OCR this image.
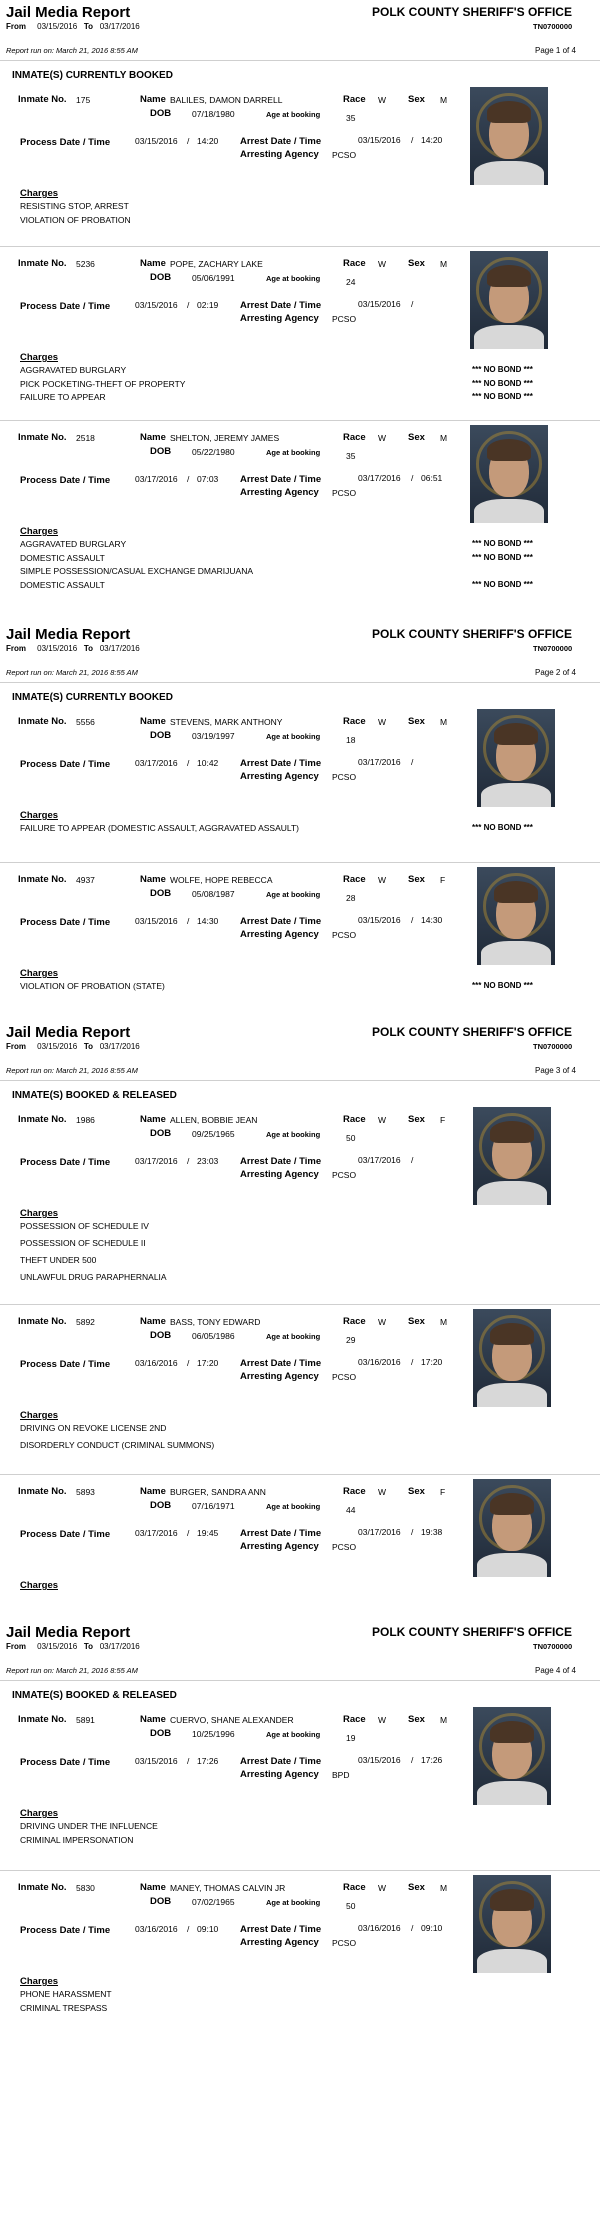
Jail Media Report	POLK COUNTY SHERIFF'S OFFICE
From 03/15/2016 To 03/17/2016	TN0700000
Report run on: March 21, 2016 8:55 AM	Page 1 of 4
INMATE(S) CURRENTLY BOOKED
Inmate No. 175	Name BALILES, DAMON DARRELL	Race W Sex M
DOB 07/18/1980	Age at booking	35
Process Date / Time	03/15/2016 / 14:20 Arrest Date / Time	03/15/2016 / 14:20
Arresting Agency PCSO
Charges
RESISTING STOP, ARREST
VIOLATION OF PROBATION
Inmate No. 5236	Name POPE, ZACHARY LAKE	Race W Sex M
DOB 05/06/1991	Age at booking	24
Process Date / Time	03/15/2016 / 02:19 Arrest Date / Time	03/15/2016 /
Arresting Agency PCSO
Charges
AGGRAVATED BURGLARY	*** NO BOND ***
PICK POCKETING-THEFT OF PROPERTY	*** NO BOND ***
FAILURE TO APPEAR	*** NO BOND ***
Inmate No. 2518	Name SHELTON, JEREMY JAMES	Race W Sex M
DOB 05/22/1980	Age at booking	35
Process Date / Time	03/17/2016 / 07:03 Arrest Date / Time	03/17/2016 / 06:51
Arresting Agency PCSO
Charges
AGGRAVATED BURGLARY	*** NO BOND ***
DOMESTIC ASSAULT	*** NO BOND ***
SIMPLE POSSESSION/CASUAL EXCHANGE DMARIJUANA
DOMESTIC ASSAULT	*** NO BOND ***
Jail Media Report	POLK COUNTY SHERIFF'S OFFICE
From 03/15/2016 To 03/17/2016	TN0700000
Report run on: March 21, 2016 8:55 AM	Page 2 of 4
INMATE(S) CURRENTLY BOOKED
Inmate No. 5556	Name STEVENS, MARK ANTHONY	Race W Sex M
DOB 03/19/1997	Age at booking	18
Process Date / Time	03/17/2016 / 10:42 Arrest Date / Time	03/17/2016 /
Arresting Agency PCSO
Charges
FAILURE TO APPEAR (DOMESTIC ASSAULT, AGGRAVATED ASSAULT)	*** NO BOND ***
Inmate No. 4937	Name WOLFE, HOPE REBECCA	Race W Sex F
DOB 05/08/1987	Age at booking	28
Process Date / Time	03/15/2016 / 14:30 Arrest Date / Time	03/15/2016 / 14:30
Arresting Agency PCSO
Charges
VIOLATION OF PROBATION (STATE)	*** NO BOND ***
Jail Media Report	POLK COUNTY SHERIFF'S OFFICE
From 03/15/2016 To 03/17/2016	TN0700000
Report run on: March 21, 2016 8:55 AM	Page 3 of 4
INMATE(S) BOOKED & RELEASED
Inmate No. 1986	Name ALLEN, BOBBIE JEAN	Race W Sex F
DOB 09/25/1965	Age at booking	50
Process Date / Time	03/17/2016 / 23:03 Arrest Date / Time	03/17/2016 /
Arresting Agency PCSO
Charges
POSSESSION OF SCHEDULE IV
POSSESSION OF SCHEDULE II
THEFT UNDER 500
UNLAWFUL DRUG PARAPHERNALIA
Inmate No. 5892	Name BASS, TONY EDWARD	Race W Sex M
DOB 06/05/1986	Age at booking	29
Process Date / Time	03/16/2016 / 17:20 Arrest Date / Time	03/16/2016 / 17:20
Arresting Agency PCSO
Charges
DRIVING ON REVOKE LICENSE 2ND
DISORDERLY CONDUCT (CRIMINAL SUMMONS)
Inmate No. 5893	Name BURGER, SANDRA ANN	Race W Sex F
DOB 07/16/1971	Age at booking	44
Process Date / Time	03/17/2016 / 19:45 Arrest Date / Time	03/17/2016 / 19:38
Arresting Agency PCSO
Charges
Jail Media Report	POLK COUNTY SHERIFF'S OFFICE
From 03/15/2016 To 03/17/2016	TN0700000
Report run on: March 21, 2016 8:55 AM	Page 4 of 4
INMATE(S) BOOKED & RELEASED
Inmate No. 5891	Name CUERVO, SHANE ALEXANDER	Race W Sex M
DOB 10/25/1996	Age at booking	19
Process Date / Time	03/15/2016 / 17:26 Arrest Date / Time	03/15/2016 / 17:26
Arresting Agency BPD
Charges
DRIVING UNDER THE INFLUENCE
CRIMINAL IMPERSONATION
Inmate No. 5830	Name MANEY, THOMAS CALVIN JR	Race W Sex M
DOB 07/02/1965	Age at booking	50
Process Date / Time	03/16/2016 / 09:10 Arrest Date / Time	03/16/2016 / 09:10
Arresting Agency PCSO
Charges
PHONE HARASSMENT
CRIMINAL TRESPASS
